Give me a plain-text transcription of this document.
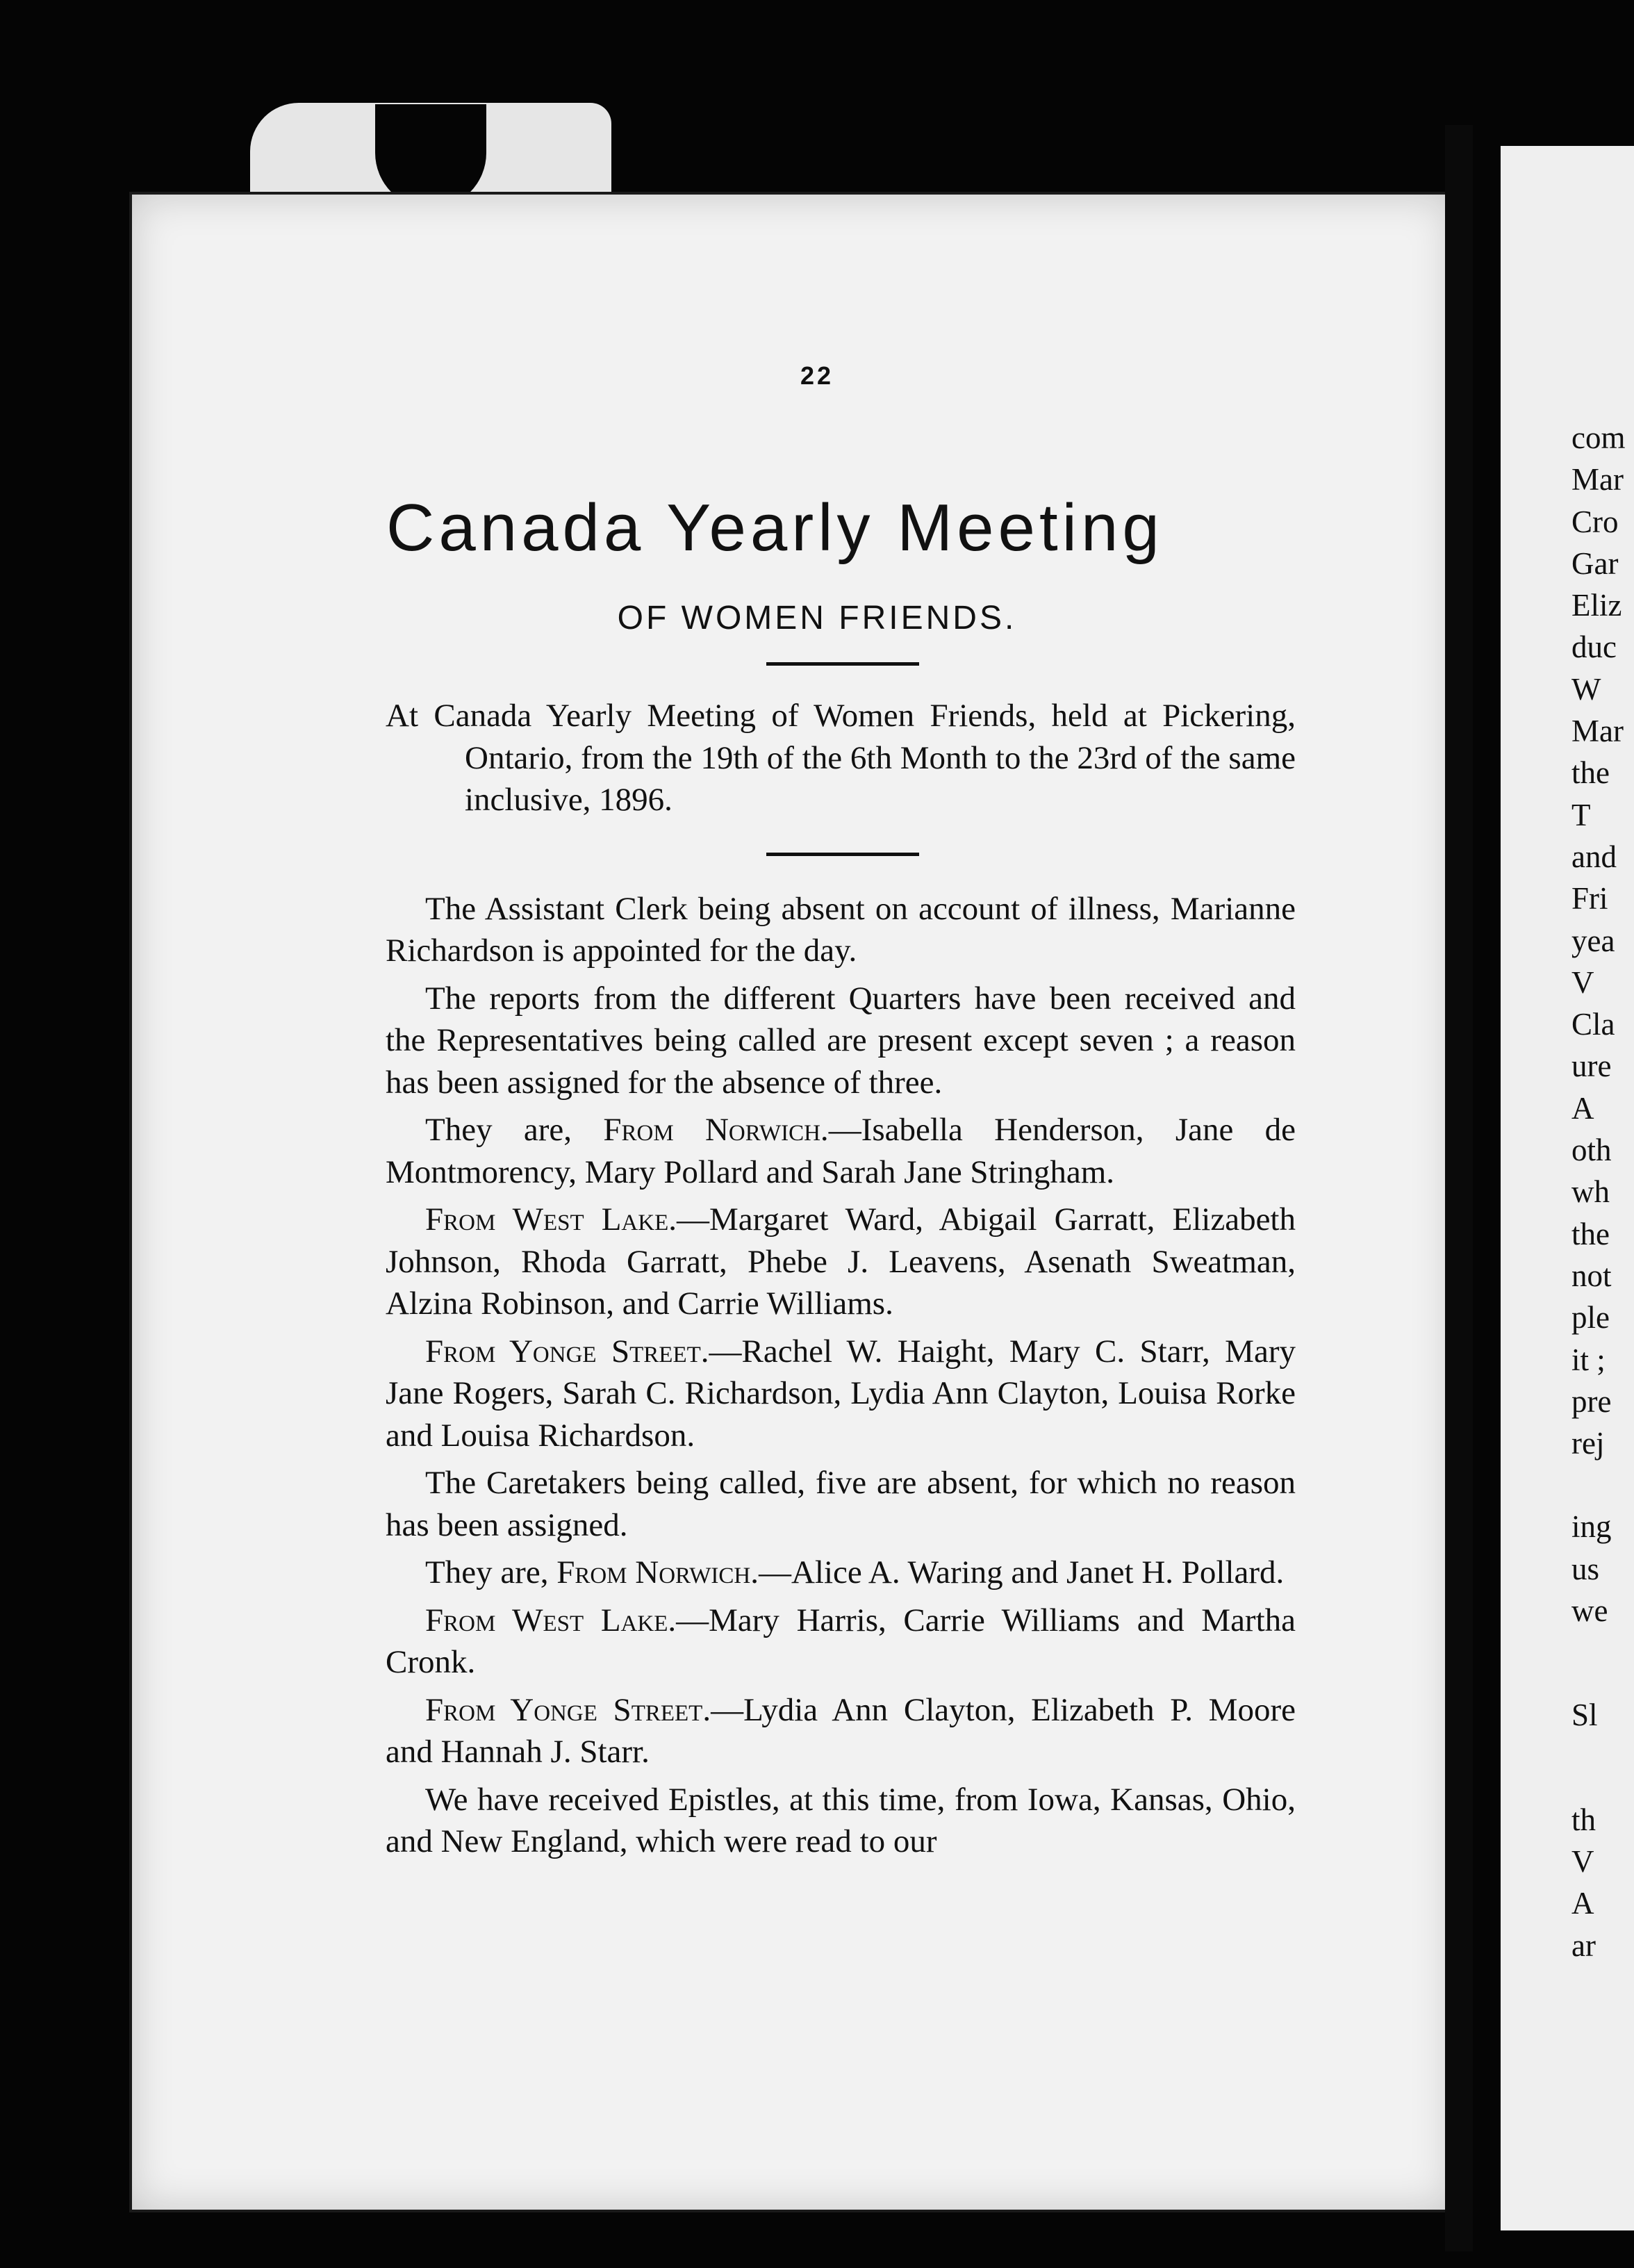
com
Mar
Cro
Gar
Eliz
duc
W
Mar
the
T
and
Fri
yea
V
Cla
ure
A
oth
wh
the
not
ple
it ;
pre
rej
ing
us
we
Sl
th
V
A
ar
22
Canada Yearly Meeting
OF WOMEN FRIENDS.

At Canada Yearly Meeting of Women Friends, held at Pickering, Ontario, from the 19th of the 6th Month to the 23rd of the same inclusive, 1896.

The Assistant Clerk being absent on account of illness, Marianne Richardson is appointed for the day.

The reports from the different Quarters have been received and the Representatives being called are present except seven ; a reason has been assigned for the absence of three.

They are, From Norwich.—Isabella Henderson, Jane de Montmorency, Mary Pollard and Sarah Jane Stringham.

From West Lake.—Margaret Ward, Abigail Garratt, Elizabeth Johnson, Rhoda Garratt, Phebe J. Leavens, Asenath Sweatman, Alzina Robinson, and Carrie Williams.

From Yonge Street.—Rachel W. Haight, Mary C. Starr, Mary Jane Rogers, Sarah C. Richardson, Lydia Ann Clayton, Louisa Rorke and Louisa Richardson.

The Caretakers being called, five are absent, for which no reason has been assigned.

They are, From Norwich.—Alice A. Waring and Janet H. Pollard.

From West Lake.—Mary Harris, Carrie Williams and Martha Cronk.

From Yonge Street.—Lydia Ann Clayton, Elizabeth P. Moore and Hannah J. Starr.

We have received Epistles, at this time, from Iowa, Kansas, Ohio, and New England, which were read to our
